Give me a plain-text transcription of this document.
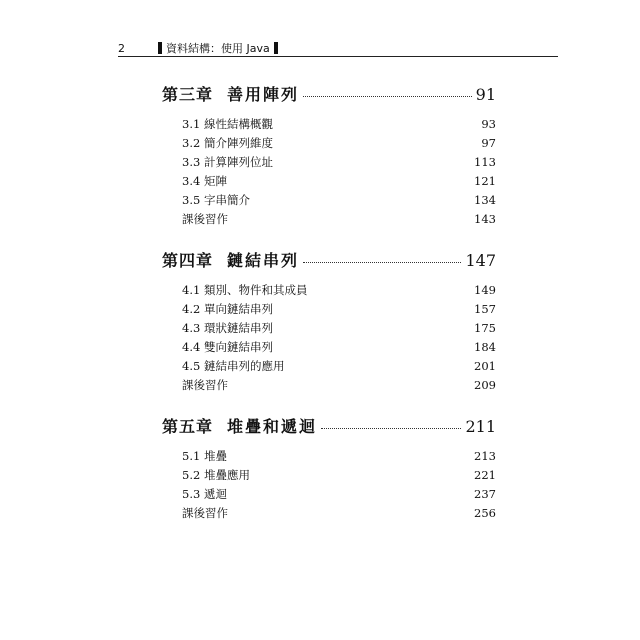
2	資料結構：使用 Java
第三章 善用陣列	91
3.1 線性結構概觀	93
3.2 簡介陣列維度	97
3.3 計算陣列位址	113
3.4 矩陣	121
3.5 字串簡介	134
課後習作	143
第四章 鏈結串列	147
4.1 類別、物件和其成員	149
4.2 單向鏈結串列	157
4.3 環狀鏈結串列	175
4.4 雙向鏈結串列	184
4.5 鏈結串列的應用	201
課後習作	209
第五章 堆疊和遞迴	211
5.1 堆疊	213
5.2 堆疊應用	221
5.3 遞迴	237
課後習作	256
